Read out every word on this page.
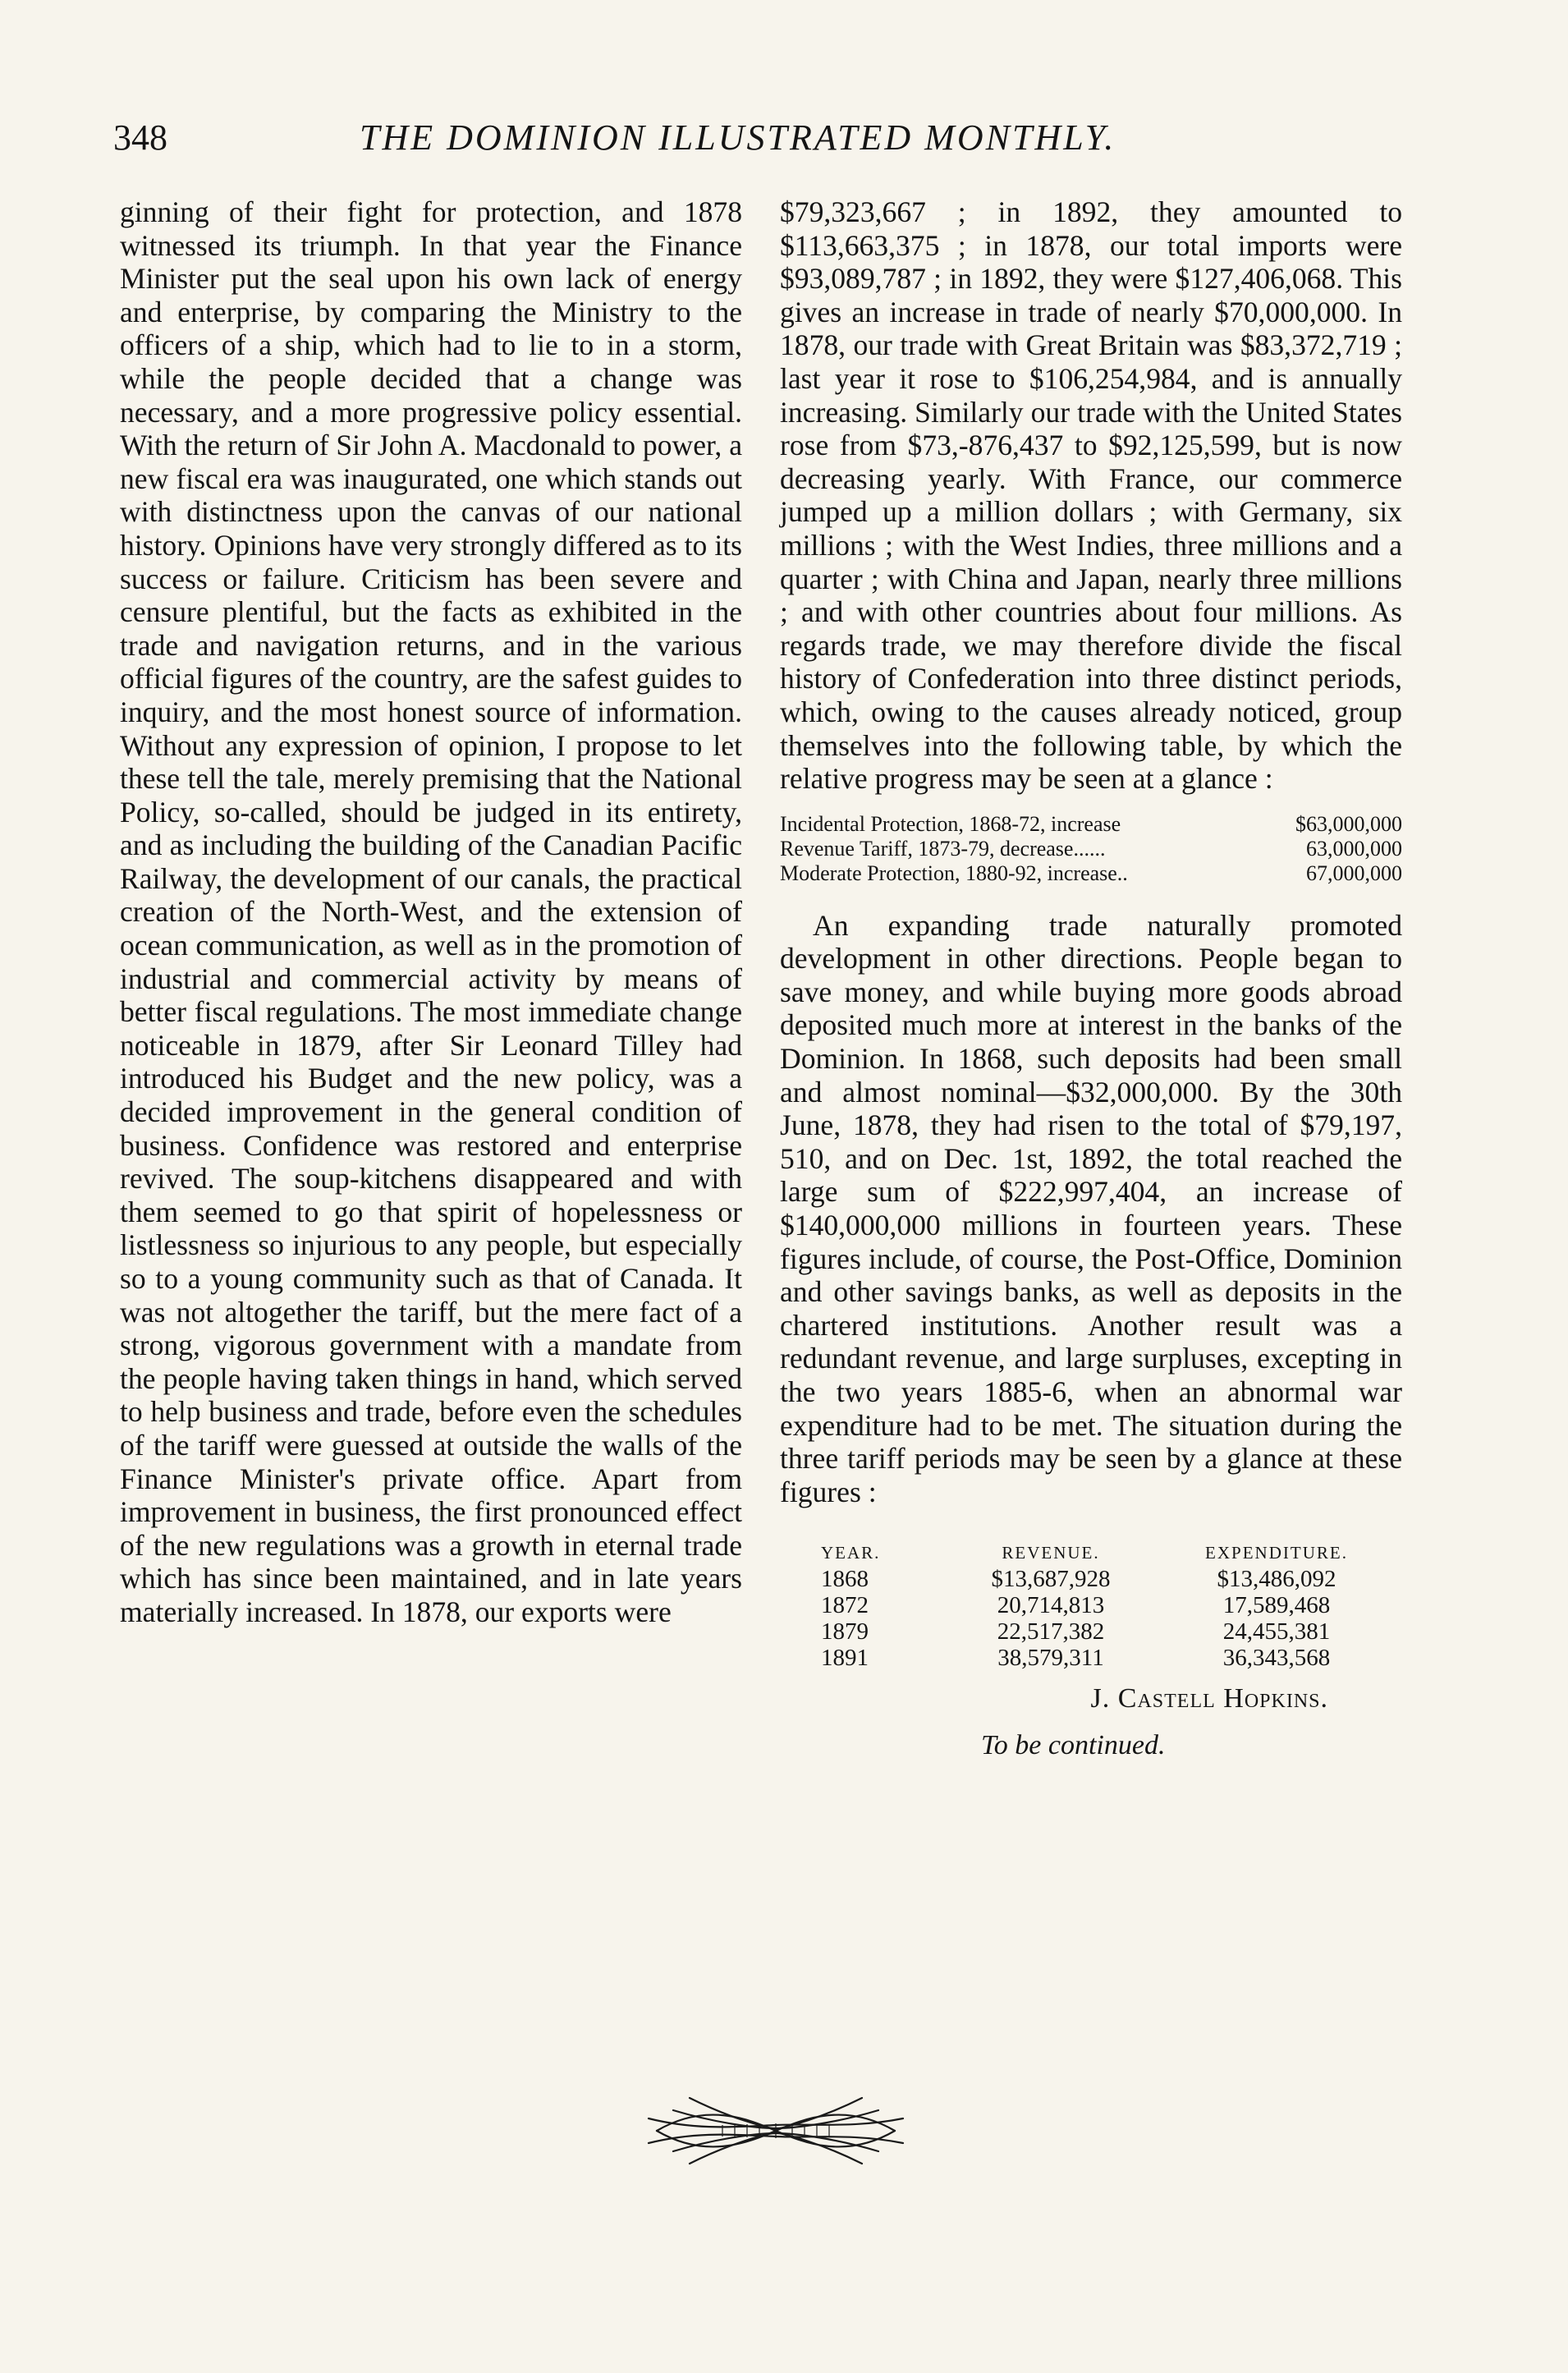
348	THE DOMINION ILLUSTRATED MONTHLY.

ginning of their fight for protection, and 1878 witnessed its triumph. In that year the Finance Minister put the seal upon his own lack of energy and enterprise, by comparing the Ministry to the officers of a ship, which had to lie to in a storm, while the people decided that a change was necessary, and a more progressive policy essential. With the return of Sir John A. Macdonald to power, a new fiscal era was inaugurated, one which stands out with distinctness upon the canvas of our national history. Opinions have very strongly differed as to its success or failure. Criticism has been severe and censure plentiful, but the facts as exhibited in the trade and navigation returns, and in the various official figures of the country, are the safest guides to inquiry, and the most honest source of information. Without any expression of opinion, I propose to let these tell the tale, merely premising that the National Policy, so-called, should be judged in its entirety, and as including the building of the Canadian Pacific Railway, the development of our canals, the practical creation of the North-West, and the extension of ocean communication, as well as in the promotion of industrial and commercial activity by means of better fiscal regulations. The most immediate change noticeable in 1879, after Sir Leonard Tilley had introduced his Budget and the new policy, was a decided improvement in the general condition of business. Confidence was restored and enterprise revived. The soup-kitchens disappeared and with them seemed to go that spirit of hopelessness or listlessness so injurious to any people, but especially so to a young community such as that of Canada. It was not altogether the tariff, but the mere fact of a strong, vigorous government with a mandate from the people having taken things in hand, which served to help business and trade, before even the schedules of the tariff were guessed at outside the walls of the Finance Minister's private office. Apart from improvement in business, the first pronounced effect of the new regulations was a growth in eternal trade which has since been maintained, and in late years materially increased. In 1878, our exports were

$79,323,667 ; in 1892, they amounted to $113,663,375 ; in 1878, our total imports were $93,089,787 ; in 1892, they were $127,406,068. This gives an increase in trade of nearly $70,000,000. In 1878, our trade with Great Britain was $83,372,719 ; last year it rose to $106,254,984, and is annually increasing. Similarly our trade with the United States rose from $73,-876,437 to $92,125,599, but is now decreasing yearly. With France, our commerce jumped up a million dollars ; with Germany, six millions ; with the West Indies, three millions and a quarter ; with China and Japan, nearly three millions ; and with other countries about four millions. As regards trade, we may therefore divide the fiscal history of Confederation into three distinct periods, which, owing to the causes already noticed, group themselves into the following table, by which the relative progress may be seen at a glance :

Incidental Protection, 1868-72, increase	$63,000,000
Revenue Tariff, 1873-79, decrease......	63,000,000
Moderate Protection, 1880-92, increase..	67,000,000

An expanding trade naturally promoted development in other directions. People began to save money, and while buying more goods abroad deposited much more at interest in the banks of the Dominion. In 1868, such deposits had been small and almost nominal—$32,000,000. By the 30th June, 1878, they had risen to the total of $79,197, 510, and on Dec. 1st, 1892, the total reached the large sum of $222,997,404, an increase of $140,000,000 millions in fourteen years. These figures include, of course, the Post-Office, Dominion and other savings banks, as well as deposits in the chartered institutions. Another result was a redundant revenue, and large surpluses, excepting in the two years 1885-6, when an abnormal war expenditure had to be met. The situation during the three tariff periods may be seen by a glance at these figures :

YEAR.	REVENUE.	EXPENDITURE.
1868	$13,687,928	$13,486,092
1872	20,714,813	17,589,468
1879	22,517,382	24,455,381
1891	38,579,311	36,343,568
J. Castell Hopkins.
To be continued.
